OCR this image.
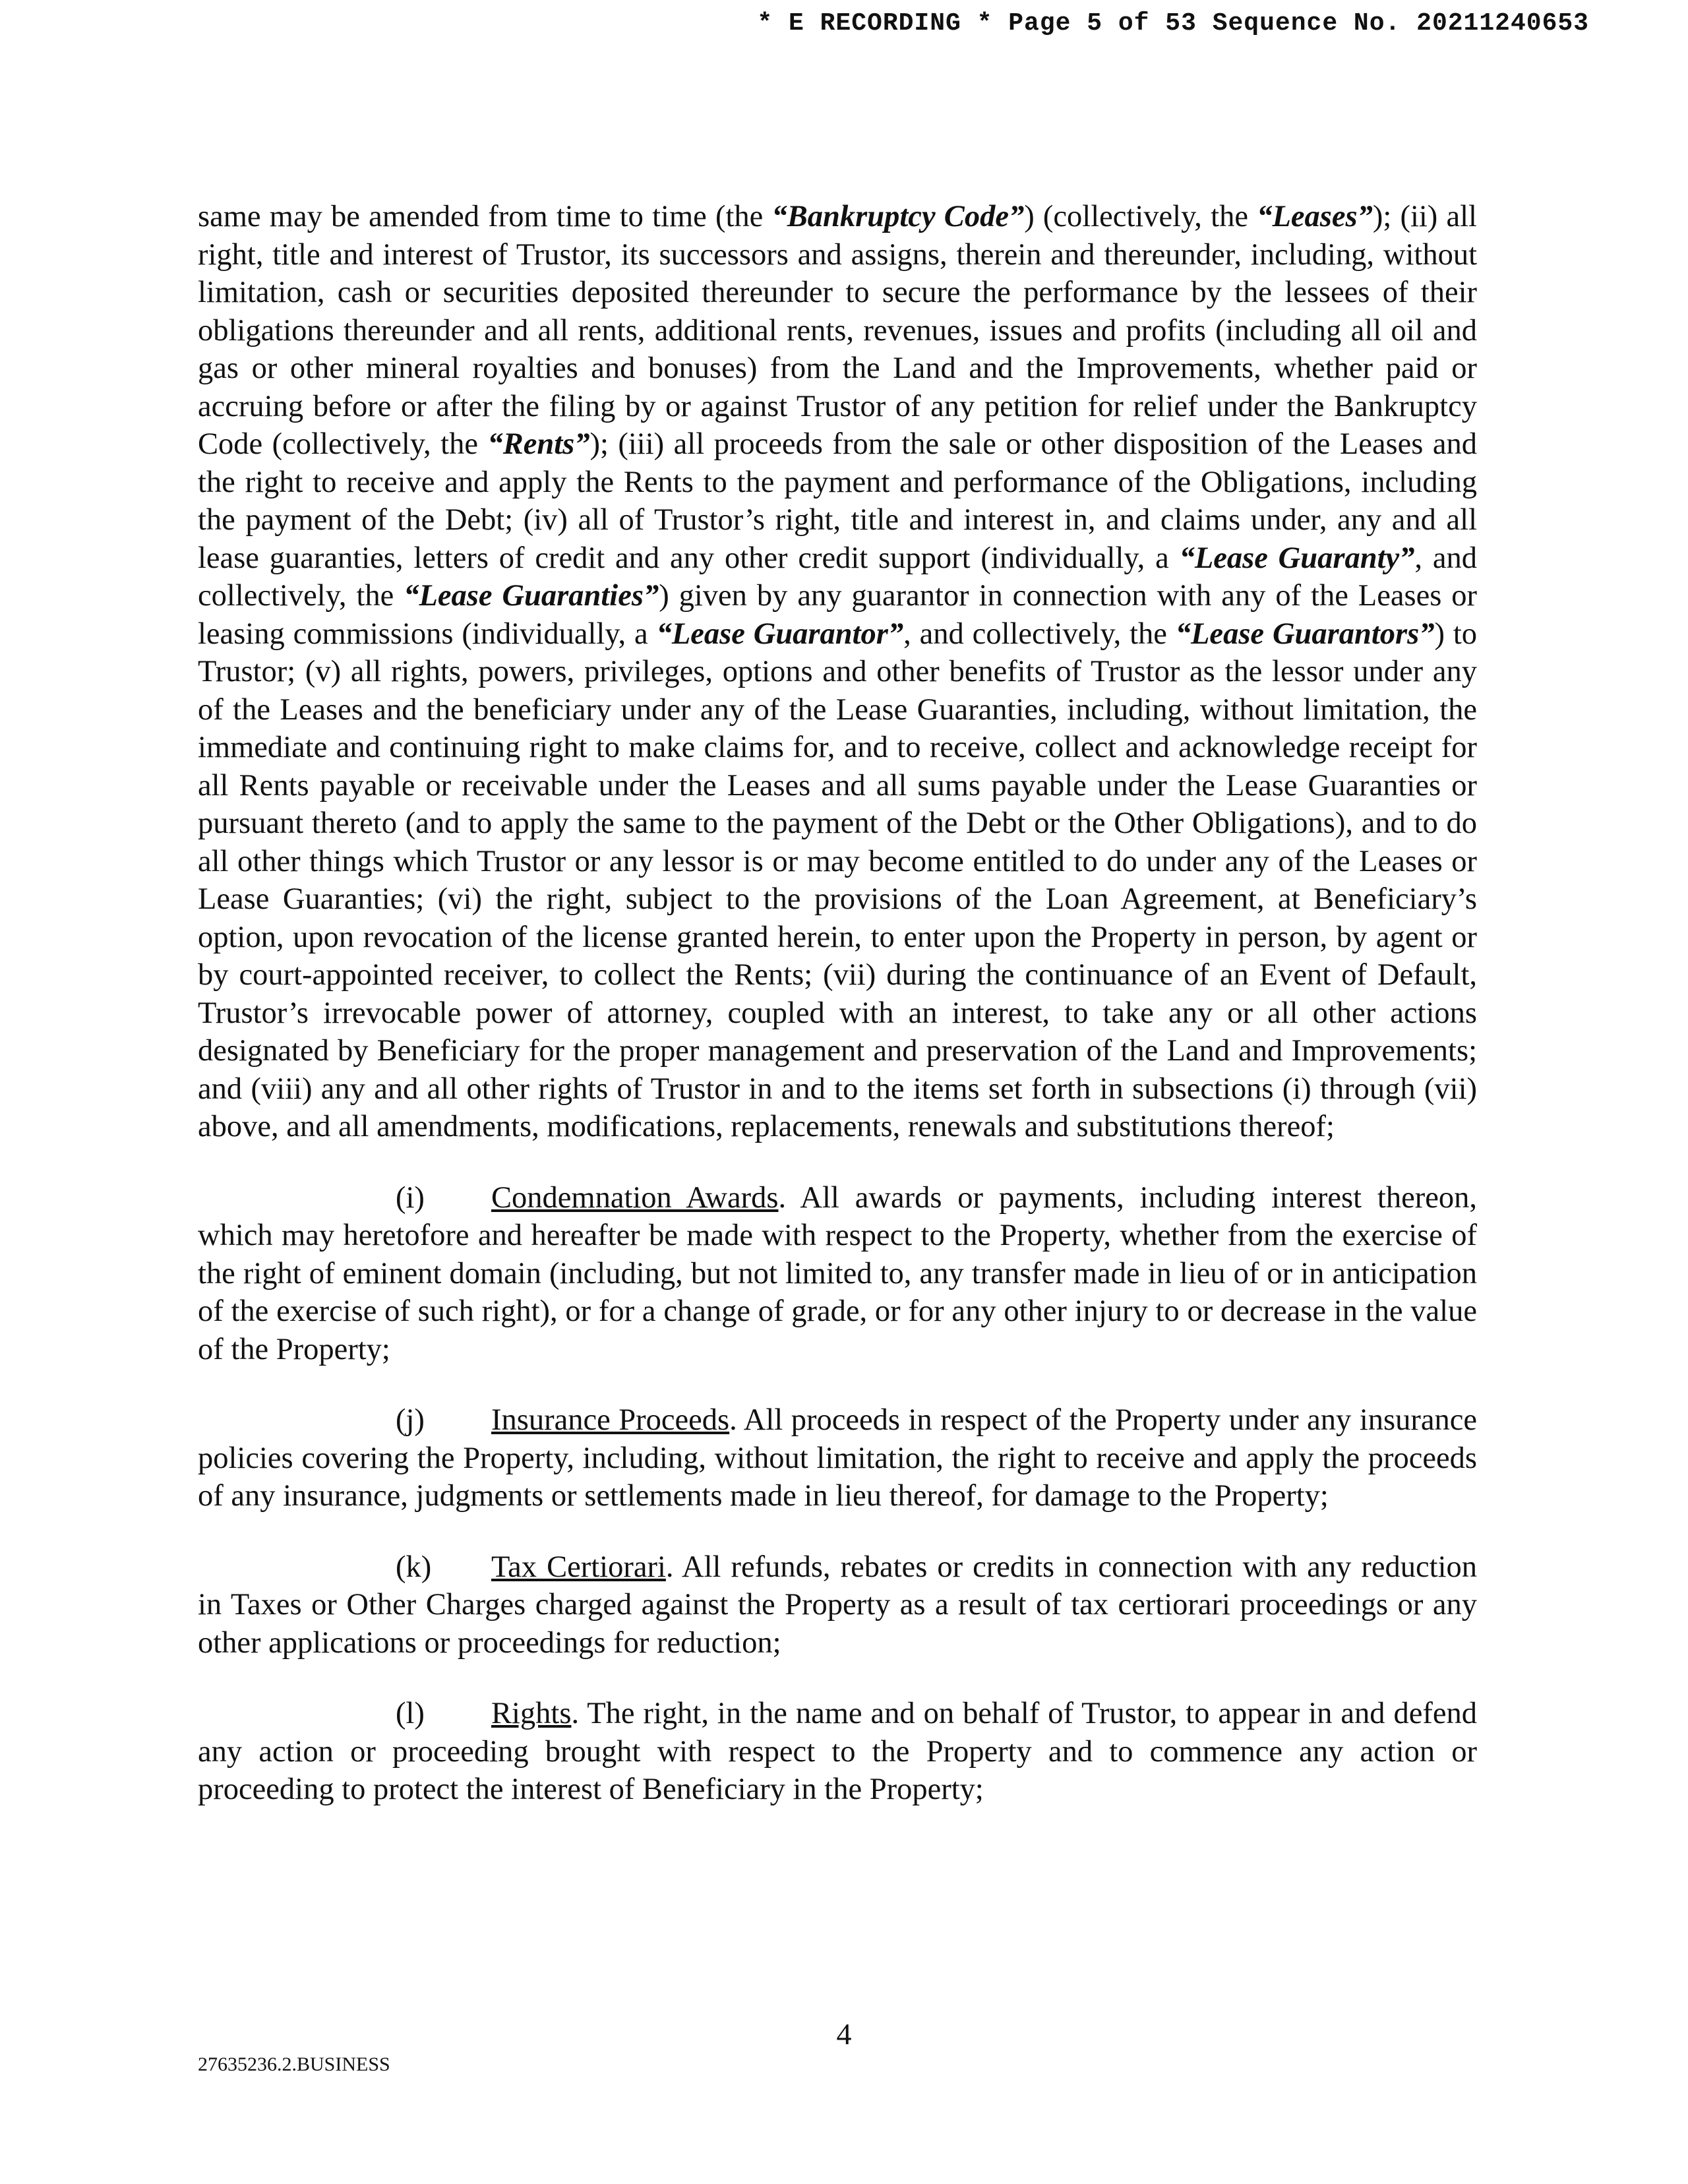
* E RECORDING * Page 5 of 53 Sequence No. 20211240653

same may be amended from time to time (the “Bankruptcy Code”) (collectively, the “Leases”); (ii) all right, title and interest of Trustor, its successors and assigns, therein and thereunder, including, without limitation, cash or securities deposited thereunder to secure the performance by the lessees of their obligations thereunder and all rents, additional rents, revenues, issues and profits (including all oil and gas or other mineral royalties and bonuses) from the Land and the Improvements, whether paid or accruing before or after the filing by or against Trustor of any petition for relief under the Bankruptcy Code (collectively, the “Rents”); (iii) all proceeds from the sale or other disposition of the Leases and the right to receive and apply the Rents to the payment and performance of the Obligations, including the payment of the Debt; (iv) all of Trustor’s right, title and interest in, and claims under, any and all lease guaranties, letters of credit and any other credit support (individually, a “Lease Guaranty”, and collectively, the “Lease Guaranties”) given by any guarantor in connection with any of the Leases or leasing commissions (individually, a “Lease Guarantor”, and collectively, the “Lease Guarantors”) to Trustor; (v) all rights, powers, privileges, options and other benefits of Trustor as the lessor under any of the Leases and the beneficiary under any of the Lease Guaranties, including, without limitation, the immediate and continuing right to make claims for, and to receive, collect and acknowledge receipt for all Rents payable or receivable under the Leases and all sums payable under the Lease Guaranties or pursuant thereto (and to apply the same to the payment of the Debt or the Other Obligations), and to do all other things which Trustor or any lessor is or may become entitled to do under any of the Leases or Lease Guaranties; (vi) the right, subject to the provisions of the Loan Agreement, at Beneficiary’s option, upon revocation of the license granted herein, to enter upon the Property in person, by agent or by court-appointed receiver, to collect the Rents; (vii) during the continuance of an Event of Default, Trustor’s irrevocable power of attorney, coupled with an interest, to take any or all other actions designated by Beneficiary for the proper management and preservation of the Land and Improvements; and (viii) any and all other rights of Trustor in and to the items set forth in subsections (i) through (vii) above, and all amendments, modifications, replacements, renewals and substitutions thereof;

(i) Condemnation Awards. All awards or payments, including interest thereon, which may heretofore and hereafter be made with respect to the Property, whether from the exercise of the right of eminent domain (including, but not limited to, any transfer made in lieu of or in anticipation of the exercise of such right), or for a change of grade, or for any other injury to or decrease in the value of the Property;

(j) Insurance Proceeds. All proceeds in respect of the Property under any insurance policies covering the Property, including, without limitation, the right to receive and apply the proceeds of any insurance, judgments or settlements made in lieu thereof, for damage to the Property;

(k) Tax Certiorari. All refunds, rebates or credits in connection with any reduction in Taxes or Other Charges charged against the Property as a result of tax certiorari proceedings or any other applications or proceedings for reduction;

(l) Rights. The right, in the name and on behalf of Trustor, to appear in and defend any action or proceeding brought with respect to the Property and to commence any action or proceeding to protect the interest of Beneficiary in the Property;

4
27635236.2.BUSINESS
